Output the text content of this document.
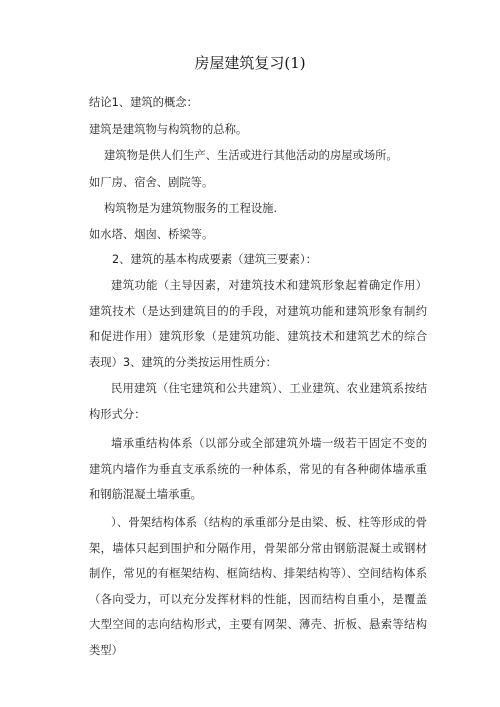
房屋建筑复习(1)
结论1、建筑的概念：
建筑是建筑物与构筑物的总称。
建筑物是供人们生产、生活或进行其他活动的房屋或场所。
如厂房、宿舍、剧院等。
构筑物是为建筑物服务的工程设施.
如水塔、烟囱、桥梁等。
2、建筑的基本构成要素（建筑三要素）：
建筑功能（主导因素，对建筑技术和建筑形象起着确定作用）建筑技术（是达到建筑目的的手段，对建筑功能和建筑形象有制约和促进作用）建筑形象（是建筑功能、建筑技术和建筑艺术的综合表现）3、建筑的分类按运用性质分：
民用建筑（住宅建筑和公共建筑）、工业建筑、农业建筑系按结构形式分：
墙承重结构体系（以部分或全部建筑外墙一级若干固定不变的建筑内墙作为垂直支承系统的一种体系，常见的有各种砌体墙承重和钢筋混凝土墙承重。
）、骨架结构体系（结构的承重部分是由梁、板、柱等形成的骨架，墙体只起到围护和分隔作用，骨架部分常由钢筋混凝土或钢材制作，常见的有框架结构、框筒结构、排架结构等）、空间结构体系（各向受力，可以充分发挥材料的性能，因而结构自重小，是覆盖大型空间的志向结构形式，主要有网架、薄壳、折板、悬索等结构类型）
